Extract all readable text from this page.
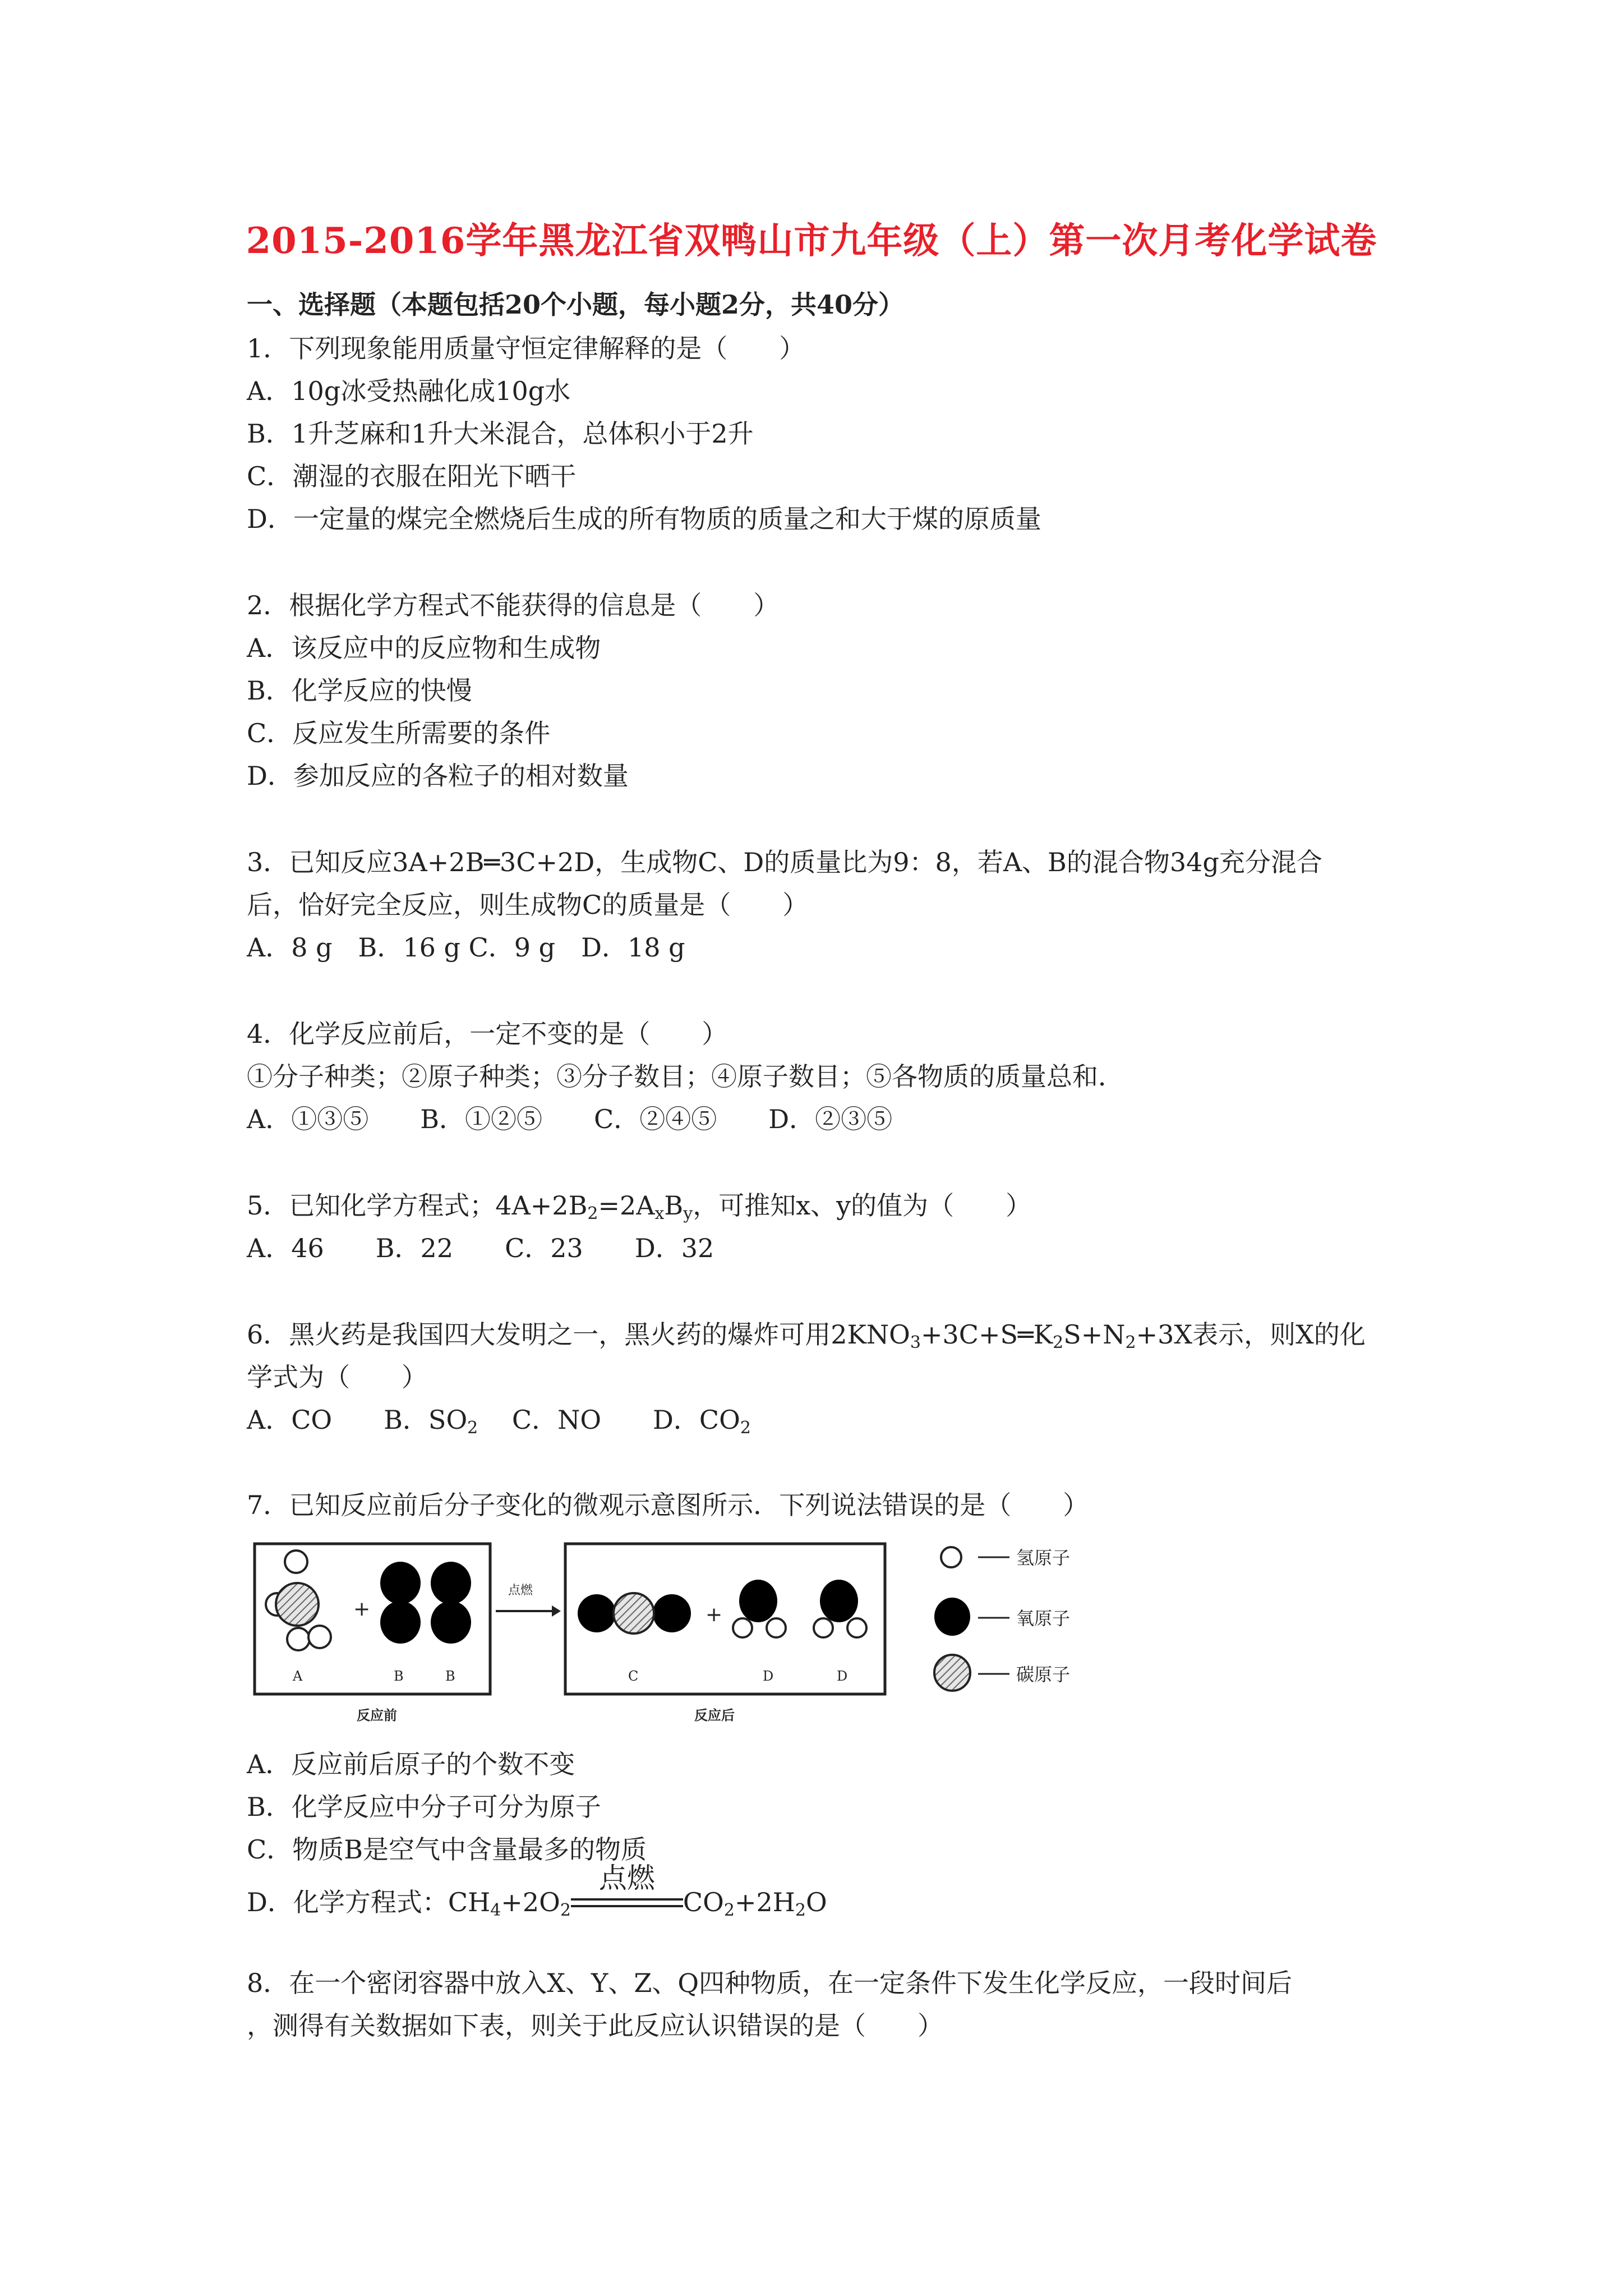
2015-2016学年黑龙江省双鸭山市九年级（上）第一次月考化学试卷
一、选择题（本题包括20个小题，每小题2分，共40分）
1．下列现象能用质量守恒定律解释的是（　　）
A．10g冰受热融化成10g水
B．1升芝麻和1升大米混合，总体积小于2升
C．潮湿的衣服在阳光下晒干
D．一定量的煤完全燃烧后生成的所有物质的质量之和大于煤的原质量
2．根据化学方程式不能获得的信息是（　　）
A．该反应中的反应物和生成物
B．化学反应的快慢
C．反应发生所需要的条件
D．参加反应的各粒子的相对数量
3．已知反应3A+2B═3C+2D，生成物C、D的质量比为9：8，若A、B的混合物34g充分混合
后，恰好完全反应，则生成物C的质量是（　　）
A．8 g　B．16 g C．9 g　D．18 g
4．化学反应前后，一定不变的是（　　）
①分子种类；②原子种类；③分子数目；④原子数目；⑤各物质的质量总和．
A．①③⑤　　B．①②⑤　　C．②④⑤　　D．②③⑤
5．已知化学方程式；$4A+2B_2=2A_xB_y$，可推知x、y的值为（　　）
A．46　　B．22　　C．23　　D．32
6．黑火药是我国四大发明之一，黑火药的爆炸可用$2KNO_3+3C+S═K_2S+N_2+3X$表示，则X的化
学式为（　　）
A．CO　　B．$SO_2$　 C．NO　　D．$CO_2$
7．已知反应前后分子变化的微观示意图所示．下列说法错误的是（　　）
+
A	B	B
反应前
点燃
+
C	D	D
反应后
氢原子
氧原子
碳原子
A．反应前后原子的个数不变
B．化学反应中分子可分为原子
C．物质B是空气中含量最多的物质
D．化学方程式：$CH_4+2O_2$
点燃
$CO_2+2H_2O$
8．在一个密闭容器中放入X、Y、Z、Q四种物质，在一定条件下发生化学反应，一段时间后
，测得有关数据如下表，则关于此反应认识错误的是（　　）
